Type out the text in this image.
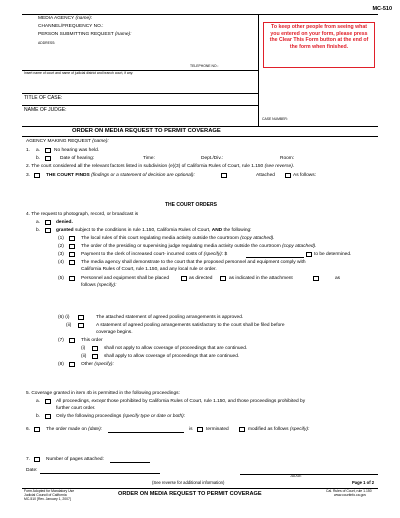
MC-510
MEDIA AGENCY (name):
CHANNEL/FREQUENCY NO.:
PERSON SUBMITTING REQUEST (name):
ADDRESS:
TELEPHONE NO.:
Insert name of court and name of judicial district and branch court, if any:
TITLE OF CASE:
NAME OF JUDGE:
CASE NUMBER:
To keep other people from seeing what you entered on your form, please press the Clear This Form button at the end of the form when finished.
ORDER ON MEDIA REQUEST TO PERMIT COVERAGE
AGENCY MAKING REQUEST (name):
1. a.	No hearing was held.
b.	Date of hearing:	Time:	Dept./Div.:	Room:
2. The court considered all the relevant factors listed in subdivision (e)(3) of California Rules of Court, rule 1.150 (see reverse).
3.	THE COURT FINDS (findings or a statement of decision are optional):	Attached	As follows:
THE COURT ORDERS
4. The request to photograph, record, or broadcast is
a.	denied.
b.	granted subject to the conditions in rule 1.150, California Rules of Court, AND the following:
(1)	The local rules of this court regulating media activity outside the courtroom (copy attached).
(2)	The order of the presiding or supervising judge regulating media activity outside the courtroom (copy attached).
(3)	Payment to the clerk of increased court- incurred costs of (specify): $	to be determined.
(4)	The media agency shall demonstrate to the court that the proposed personnel and equipment comply with
California Rules of Court, rule 1.150, and any local rule or order.
(5)	Personnel and equipment shall be placed	as directed	as indicated in the attachment	as
follows (specify):
(6) (i)	The attached statement of agreed pooling arrangements is approved.
(ii)	A statement of agreed pooling arrangements satisfactory to the court shall be filed before
coverage begins.
(7)	This order
(i)	shall not apply to allow coverage of proceedings that are continued.
(ii)	shall apply to allow coverage of proceedings that are continued.
(8)	Other (specify):
5. Coverage granted in item 4b is permitted in the following proceedings:
a.	All proceedings, except those prohibited by California Rules of Court, rule 1.150, and those proceedings prohibited by
further court order.
b.	Only the following proceedings (specify type or date or both):
6.	The order made on (date):	is	terminated	modified as follows (specify):
7.	Number of pages attached:
Date:
JUDGE
(See reverse for additional information)	Page 1 of 2
Form Adopted for Mandatory Use
Judicial Council of California
MC-510 [Rev. January 1, 2007]
ORDER ON MEDIA REQUEST TO PERMIT COVERAGE	Cal. Rules of Court, rule 1.150
www.courtinfo.ca.gov
